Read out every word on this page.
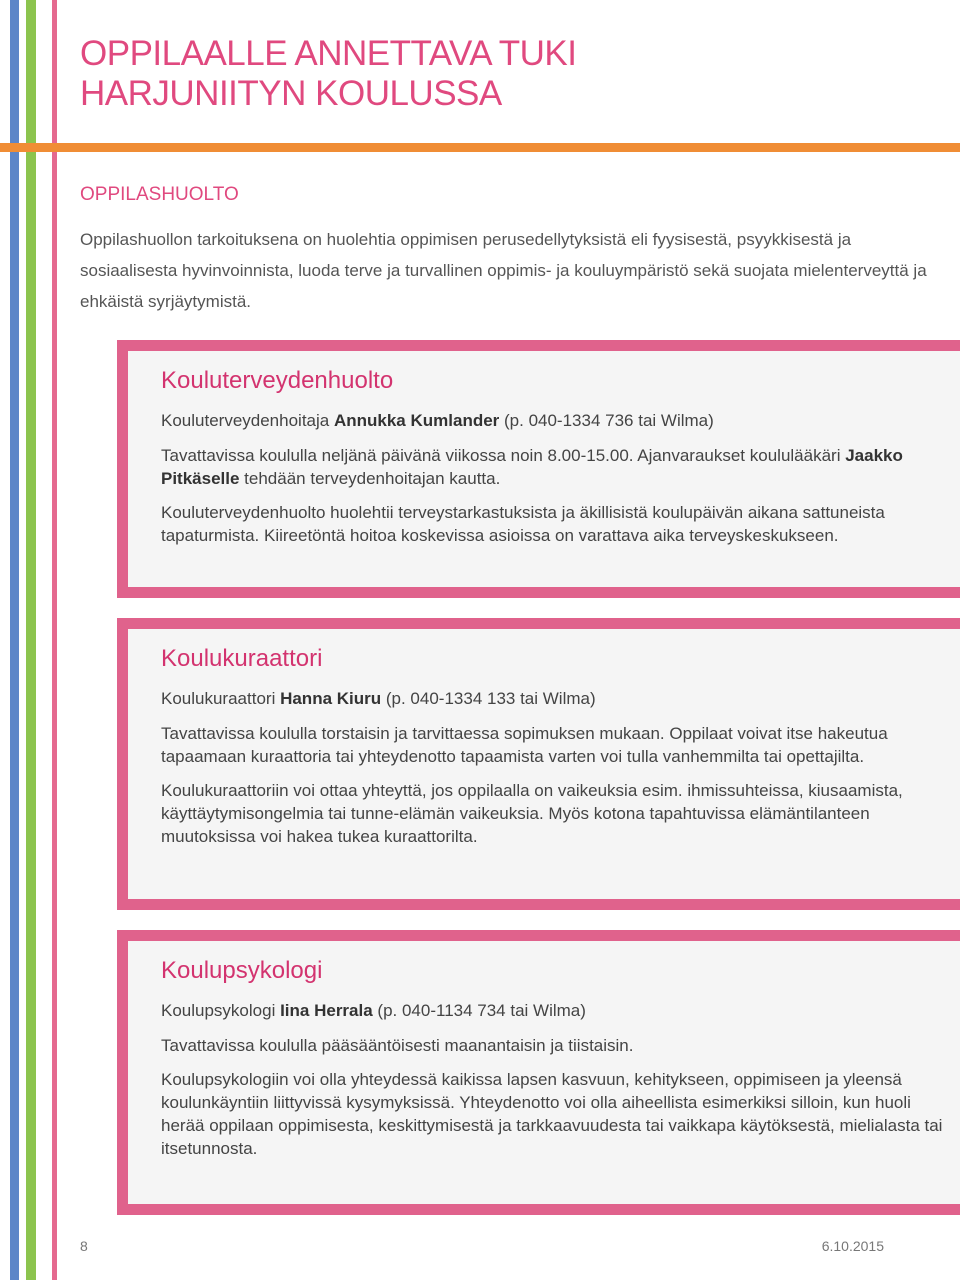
OPPILAALLE ANNETTAVA TUKI
HARJUNIITYN KOULUSSA
OPPILASHUOLTO

Oppilashuollon tarkoituksena on huolehtia oppimisen perusedellytyksistä eli fyysisestä, psyykkisestä ja sosiaalisesta hyvinvoinnista, luoda terve ja turvallinen oppimis- ja kouluympäristö sekä suojata mielenterveyttä ja ehkäistä syrjäytymistä.

Kouluterveydenhuolto

Kouluterveydenhoitaja Annukka Kumlander (p. 040-1334 736 tai Wilma)

Tavattavissa koululla neljänä päivänä viikossa noin 8.00-15.00. Ajanvaraukset koululääkäri Jaakko Pitkäselle tehdään terveydenhoitajan kautta.

Kouluterveydenhuolto huolehtii terveystarkastuksista ja äkillisistä koulupäivän aikana sattuneista tapaturmista. Kiireetöntä hoitoa koskevissa asioissa on varattava aika terveyskeskukseen.

Koulukuraattori

Koulukuraattori Hanna Kiuru (p. 040-1334 133 tai Wilma)

Tavattavissa koululla torstaisin ja tarvittaessa sopimuksen mukaan. Oppilaat voivat itse hakeutua tapaamaan kuraattoria tai yhteydenotto tapaamista varten voi tulla vanhemmilta tai opettajilta.

Koulukuraattoriin voi ottaa yhteyttä, jos oppilaalla on vaikeuksia esim. ihmissuhteissa, kiusaamista, käyttäytymisongelmia tai tunne-elämän vaikeuksia. Myös kotona tapahtuvissa elämäntilanteen muutoksissa voi hakea tukea kuraattorilta.

Koulupsykologi

Koulupsykologi Iina Herrala (p. 040-1134 734 tai Wilma)

Tavattavissa koululla pääsääntöisesti maanantaisin ja tiistaisin.

Koulupsykologiin voi olla yhteydessä kaikissa lapsen kasvuun, kehitykseen, oppimiseen ja yleensä koulunkäyntiin liittyvissä kysymyksissä. Yhteydenotto voi olla aiheellista esimerkiksi silloin, kun huoli herää oppilaan oppimisesta, keskittymisestä ja tarkkaavuudesta tai vaikkapa käytöksestä, mielialasta tai itsetunnosta.

8	6.10.2015
